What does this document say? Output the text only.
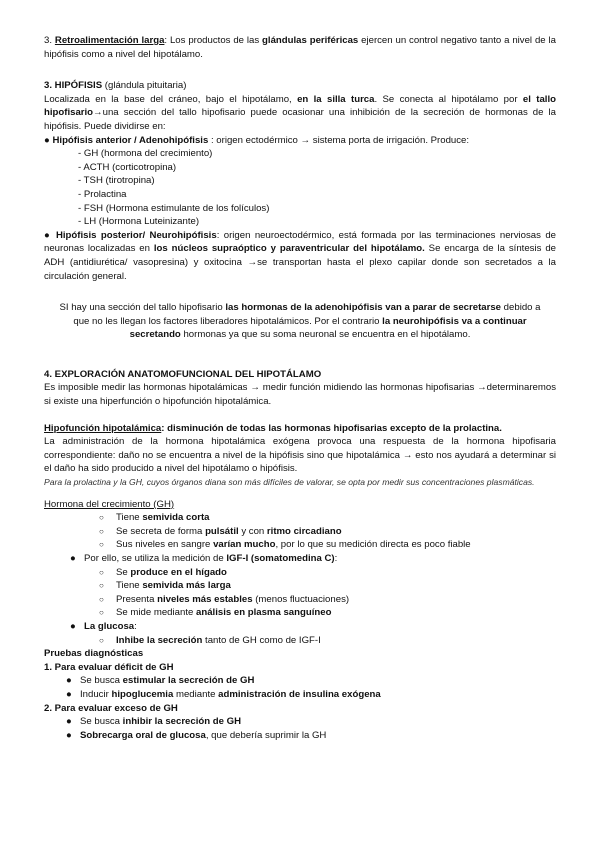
3. Retroalimentación larga: Los productos de las glándulas periféricas ejercen un control negativo tanto a nivel de la hipófisis como a nivel del hipotálamo.

3. HIPÓFISIS (glándula pituitaria)

Localizada en la base del cráneo, bajo el hipotálamo, en la silla turca. Se conecta al hipotálamo por el tallo hipofisario→una sección del tallo hipofisario puede ocasionar una inhibición de la secreción de hormonas de la hipófisis. Puede dividirse en:

● Hipófisis anterior / Adenohipófisis : origen ectodérmico → sistema porta de irrigación. Produce:

- GH (hormona del crecimiento)

- ACTH (corticotropina)

- TSH (tirotropina)

- Prolactina

- FSH (Hormona estimulante de los folículos)

- LH (Hormona Luteinizante)

● Hipófisis posterior/ Neurohipófisis: origen neuroectodérmico, está formada por las terminaciones nerviosas de neuronas localizadas en los núcleos supraóptico y paraventricular del hipotálamo. Se encarga de la síntesis de ADH (antidiurética/ vasopresina) y oxitocina →se transportan hasta el plexo capilar donde son secretados a la circulación general.

SI hay una sección del tallo hipofisario las hormonas de la adenohipófisis van a parar de secretarse debido a que no les llegan los factores liberadores hipotalámicos. Por el contrario la neurohipófisis va a continuar secretando hormonas ya que su soma neuronal se encuentra en el hipotálamo.

4. EXPLORACIÓN ANATOMOFUNCIONAL DEL HIPOTÁLAMO

Es imposible medir las hormonas hipotalámicas → medir función midiendo las hormonas hipofisarias →determinaremos si existe una hiperfunción o hipofunción hipotalámica.

Hipofunción hipotalámica: disminución de todas las hormonas hipofisarias excepto de la prolactina.

La administración de la hormona hipotalámica exógena provoca una respuesta de la hormona hipofisaria correspondiente: daño no se encuentra a nivel de la hipófisis sino que hipotalámica → esto nos ayudará a determinar si el daño ha sido producido a nivel del hipotálamo o hipófisis.

Para la prolactina y la GH, cuyos órganos diana son más difíciles de valorar, se opta por medir sus concentraciones plasmáticas.

Hormona del crecimiento (GH)

○ Tiene semivida corta
○ Se secreta de forma pulsátil y con ritmo circadiano
○ Sus niveles en sangre varían mucho, por lo que su medición directa es poco fiable
● Por ello, se utiliza la medición de IGF-I (somatomedina C):
○ Se produce en el hígado
○ Tiene semivida más larga
○ Presenta niveles más estables (menos fluctuaciones)
○ Se mide mediante análisis en plasma sanguíneo
● La glucosa:
○ Inhibe la secreción tanto de GH como de IGF-I

Pruebas diagnósticas

1. Para evaluar déficit de GH

● Se busca estimular la secreción de GH
● Inducir hipoglucemia mediante administración de insulina exógena

2. Para evaluar exceso de GH

● Se busca inhibir la secreción de GH
● Sobrecarga oral de glucosa, que debería suprimir la GH
